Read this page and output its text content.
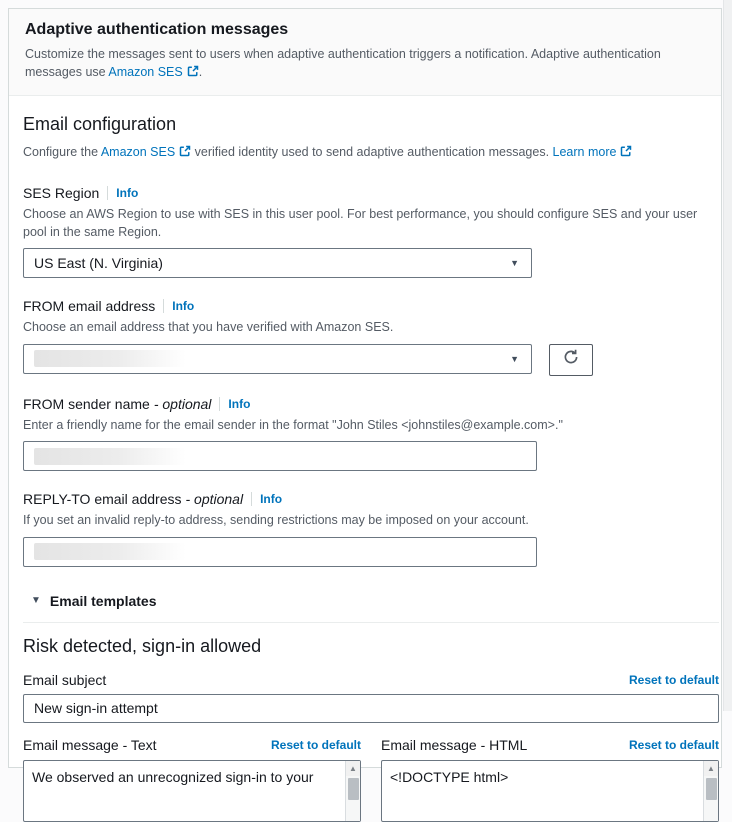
Adaptive authentication messages
Customize the messages sent to users when adaptive authentication triggers a notification. Adaptive authentication messages use Amazon SES .
Email configuration
Configure the Amazon SES
verified identity used to send adaptive authentication messages. Learn more
SES Region Info
Choose an AWS Region to use with SES in this user pool. For best performance, you should configure SES and your user pool in the same Region.
US East (N. Virginia)	▼
FROM email address Info
Choose an email address that you have verified with Amazon SES.
▼
FROM sender name - optional Info
Enter a friendly name for the email sender in the format "John Stiles <johnstiles@example.com>."
REPLY-TO email address - optional Info
If you set an invalid reply-to address, sending restrictions may be imposed on your account.
▼ Email templates
Risk detected, sign-in allowed
Email subject	Reset to default
New sign-in attempt
Email message - Text	Reset to default
We observed an unrecognized sign-in to your
▲
Email message - HTML	Reset to default
<!DOCTYPE html>
▲
